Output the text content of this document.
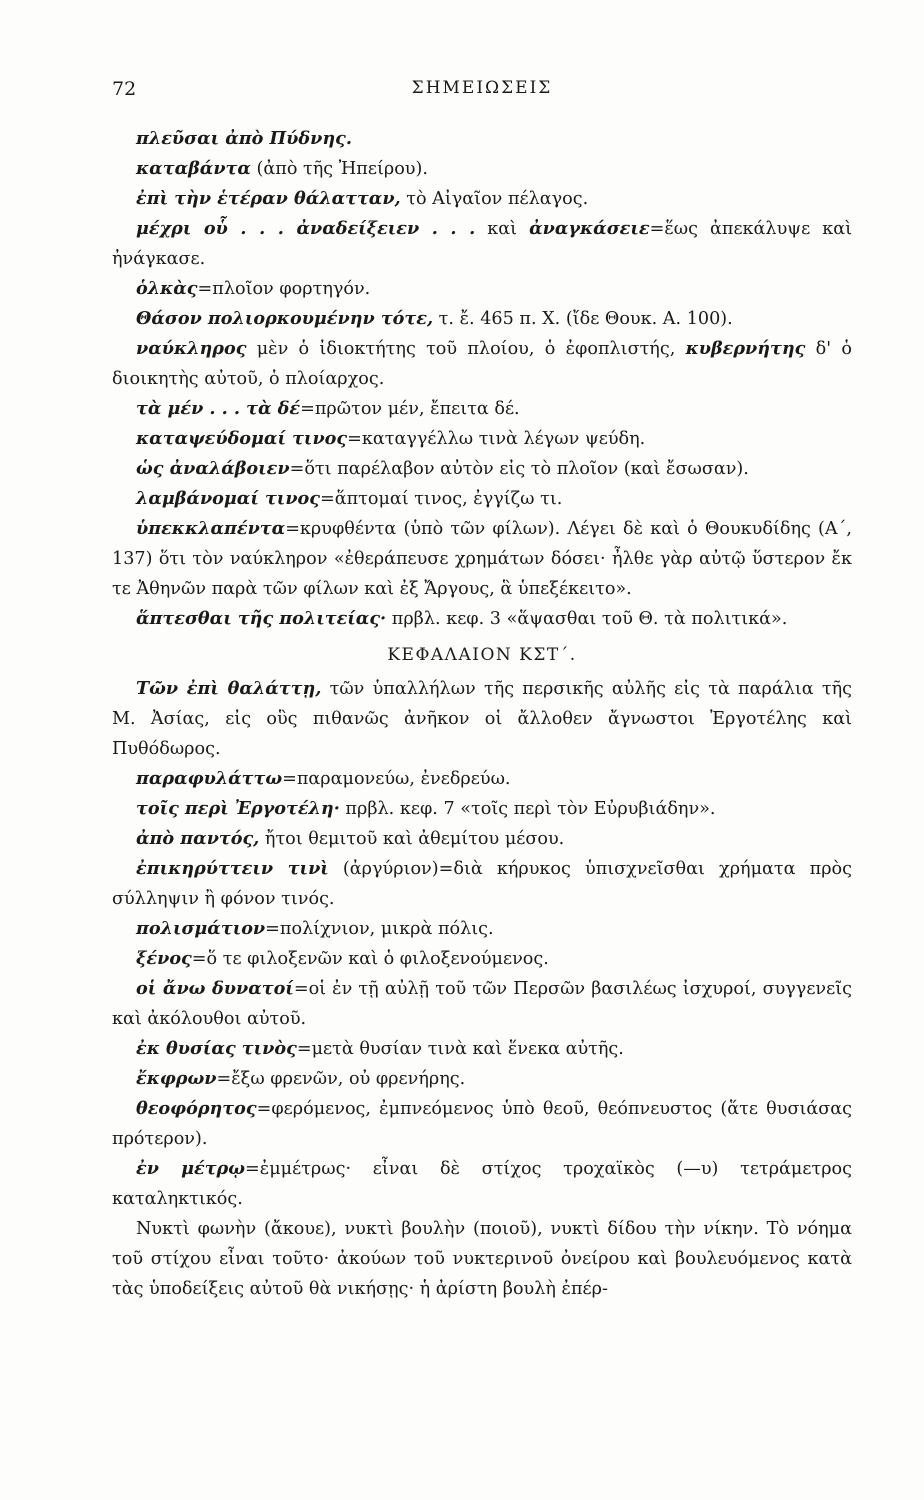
72	ΣΗΜΕΙΩΣΕΙΣ

πλεῦσαι ἀπὸ Πύδνης.

καταβάντα (ἀπὸ τῆς Ἠπείρου).

ἐπὶ τὴν ἑτέραν θάλατταν, τὸ Αἰγαῖον πέλαγος.

μέχρι οὗ . . . ἀναδείξειεν . . . καὶ ἀναγκάσειε=ἕως ἀπεκάλυψε καὶ ἠνάγκασε.

ὁλκὰς=πλοῖον φορτηγόν.

Θάσον πολιορκουμένην τότε, τ. ἔ. 465 π. Χ. (ἴδε Θουκ. Α. 100).

ναύκληρος μὲν ὁ ἰδιοκτήτης τοῦ πλοίου, ὁ ἐφοπλιστής, κυβερνήτης δ' ὁ διοικητὴς αὐτοῦ, ὁ πλοίαρχος.

τὰ μέν . . . τὰ δέ=πρῶτον μέν, ἔπειτα δέ.

καταψεύδομαί τινος=καταγγέλλω τινὰ λέγων ψεύδη.

ὡς ἀναλάβοιεν=ὅτι παρέλαβον αὐτὸν εἰς τὸ πλοῖον (καὶ ἔσωσαν).

λαμβάνομαί τινος=ἅπτομαί τινος, ἐγγίζω τι.

ὑπεκκλαπέντα=κρυφθέντα (ὑπὸ τῶν φίλων). Λέγει δὲ καὶ ὁ Θουκυδίδης (Α΄, 137) ὅτι τὸν ναύκληρον «ἐθεράπευσε χρημάτων δόσει· ἦλθε γὰρ αὐτῷ ὕστερον ἔκ τε Ἀθηνῶν παρὰ τῶν φίλων καὶ ἐξ Ἄργους, ἃ ὑπεξέκειτο».

ἅπτεσθαι τῆς πολιτείας· πρβλ. κεφ. 3 «ἅψασθαι τοῦ Θ. τὰ πολιτικά».

ΚΕΦΑΛΑΙΟΝ ΚΣΤ΄.

Τῶν ἐπὶ θαλάττῃ, τῶν ὑπαλλήλων τῆς περσικῆς αὐλῆς εἰς τὰ παράλια τῆς Μ. Ἀσίας, εἰς οὓς πιθανῶς ἀνῆκον οἱ ἄλλοθεν ἄγνωστοι Ἐργοτέλης καὶ Πυθόδωρος.

παραφυλάττω=παραμονεύω, ἐνεδρεύω.

τοῖς περὶ Ἐργοτέλη· πρβλ. κεφ. 7 «τοῖς περὶ τὸν Εὐρυβιάδην».

ἀπὸ παντός, ἤτοι θεμιτοῦ καὶ ἀθεμίτου μέσου.

ἐπικηρύττειν τινὶ (ἀργύριον)=διὰ κήρυκος ὑπισχνεῖσθαι χρήματα πρὸς σύλληψιν ἢ φόνον τινός.

πολισμάτιον=πολίχνιον, μικρὰ πόλις.

ξένος=ὅ τε φιλοξενῶν καὶ ὁ φιλοξενούμενος.

οἱ ἄνω δυνατοί=οἱ ἐν τῇ αὐλῇ τοῦ τῶν Περσῶν βασιλέως ἰσχυροί, συγγενεῖς καὶ ἀκόλουθοι αὐτοῦ.

ἐκ θυσίας τινὸς=μετὰ θυσίαν τινὰ καὶ ἕνεκα αὐτῆς.

ἔκφρων=ἔξω φρενῶν, οὐ φρενήρης.

θεοφόρητος=φερόμενος, ἐμπνεόμενος ὑπὸ θεοῦ, θεόπνευστος (ἅτε θυσιάσας πρότερον).

ἐν μέτρῳ=ἐμμέτρως· εἶναι δὲ στίχος τροχαϊκὸς (—υ) τετράμετρος καταληκτικός.

Νυκτὶ φωνὴν (ἄκουε), νυκτὶ βουλὴν (ποιοῦ), νυκτὶ δίδου τὴν νίκην. Τὸ νόημα τοῦ στίχου εἶναι τοῦτο· ἀκούων τοῦ νυκτερινοῦ ὀνείρου καὶ βουλευόμενος κατὰ τὰς ὑποδείξεις αὐτοῦ θὰ νικήσῃς· ἡ ἀρίστη βουλὴ ἐπέρ-
